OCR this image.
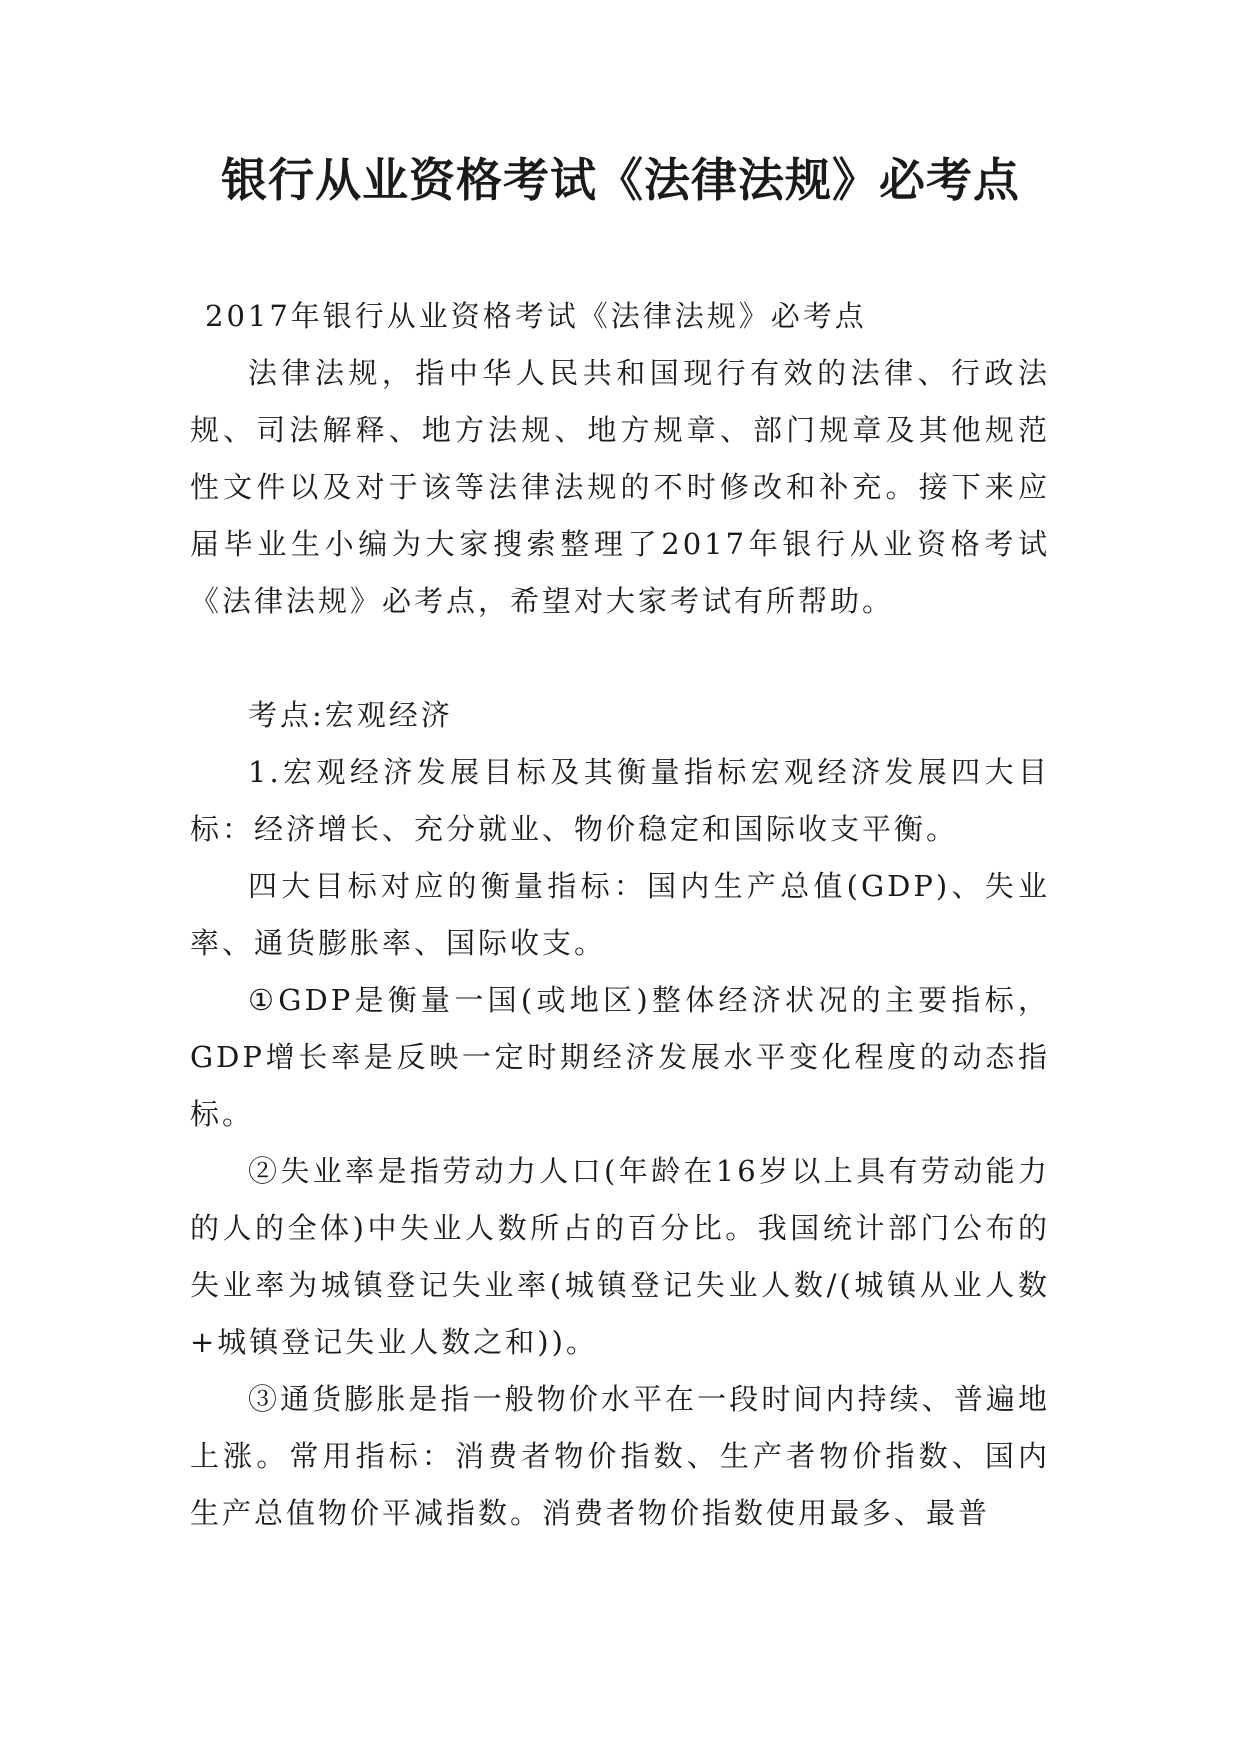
银行从业资格考试《法律法规》必考点

2017年银行从业资格考试《法律法规》必考点

法律法规，指中华人民共和国现行有效的法律、行政法规、司法解释、地方法规、地方规章、部门规章及其他规范性文件以及对于该等法律法规的不时修改和补充。接下来应届毕业生小编为大家搜索整理了2017年银行从业资格考试《法律法规》必考点，希望对大家考试有所帮助。

考点:宏观经济

1.宏观经济发展目标及其衡量指标宏观经济发展四大目标：经济增长、充分就业、物价稳定和国际收支平衡。

四大目标对应的衡量指标：国内生产总值(GDP)、失业率、通货膨胀率、国际收支。

①GDP是衡量一国(或地区)整体经济状况的主要指标，GDP增长率是反映一定时期经济发展水平变化程度的动态指标。

②失业率是指劳动力人口(年龄在16岁以上具有劳动能力的人的全体)中失业人数所占的百分比。我国统计部门公布的失业率为城镇登记失业率(城镇登记失业人数/(城镇从业人数+城镇登记失业人数之和))。

③通货膨胀是指一般物价水平在一段时间内持续、普遍地上涨。常用指标：消费者物价指数、生产者物价指数、国内生产总值物价平减指数。消费者物价指数使用最多、最普
